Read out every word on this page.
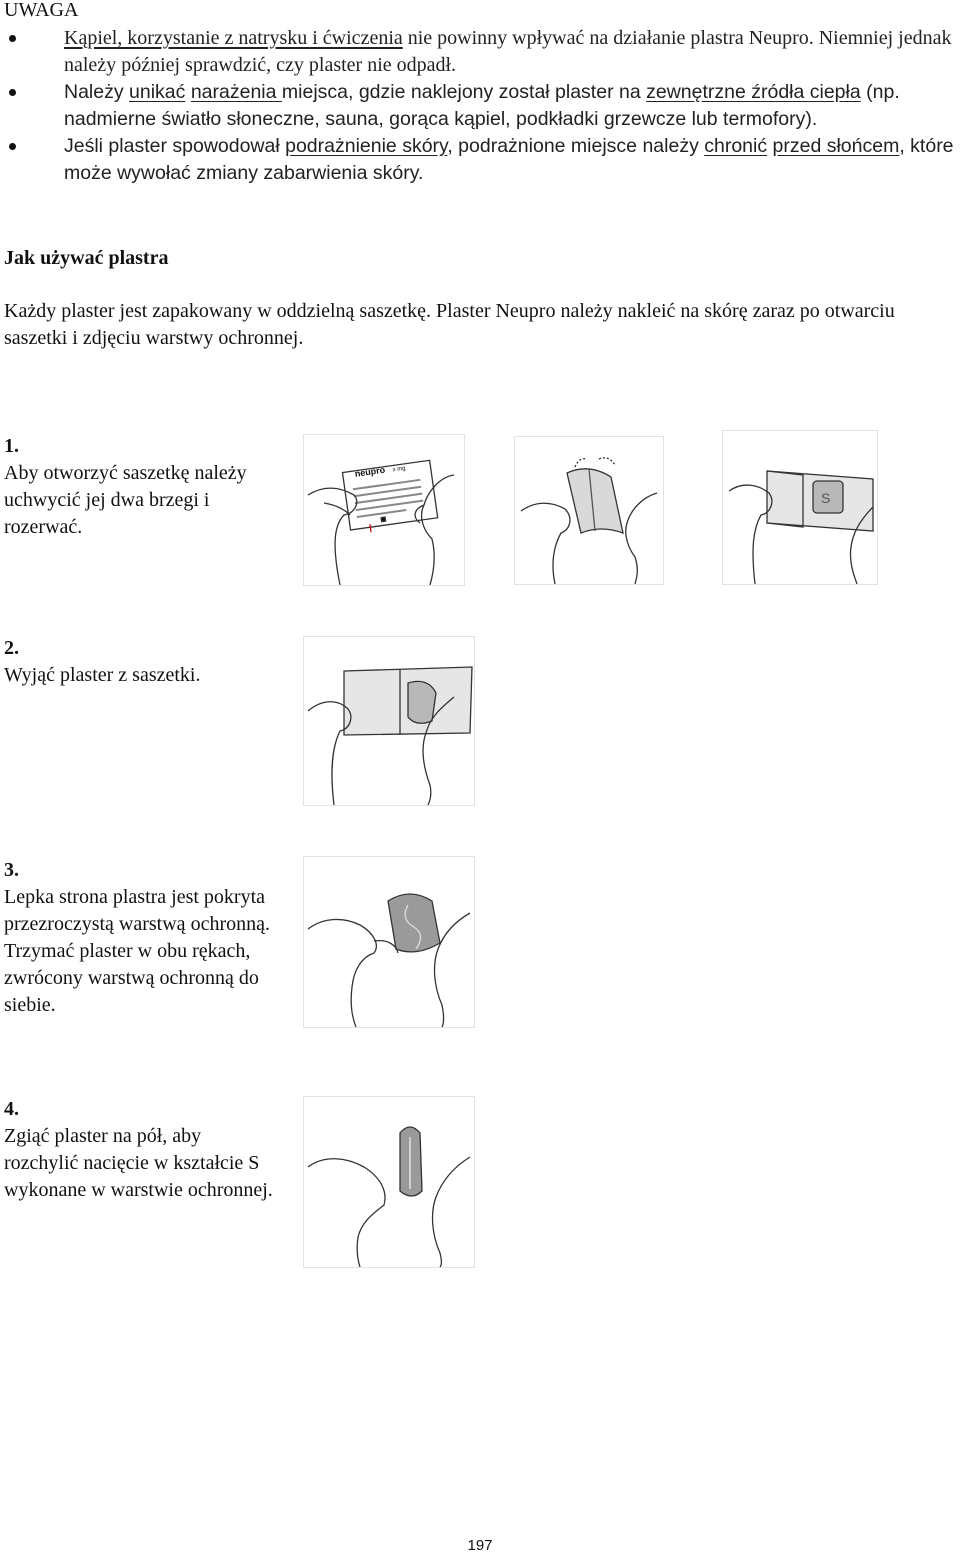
UWAGA
Kąpiel, korzystanie z natrysku i ćwiczenia nie powinny wpływać na działanie plastra Neupro. Niemniej jednak należy później sprawdzić, czy plaster nie odpadł.
Należy unikać narażenia miejsca, gdzie naklejony został plaster na zewnętrzne źródła ciepła (np. nadmierne światło słoneczne, sauna, gorąca kąpiel, podkładki grzewcze lub termofory).
Jeśli plaster spowodował podrażnienie skóry, podrażnione miejsce należy chronić przed słońcem, które może wywołać zmiany zabarwienia skóry.
Jak używać plastra
Każdy plaster jest zapakowany w oddzielną saszetkę. Plaster Neupro należy nakleić na skórę zaraz po otwarciu saszetki i zdjęciu warstwy ochronnej.
1.
Aby otworzyć saszetkę należy uchwycić jej dwa brzegi i rozerwać.
neupro x mg
S
2.
Wyjąć plaster z saszetki.
3.
Lepka strona plastra jest pokryta przezroczystą warstwą ochronną. Trzymać plaster w obu rękach, zwrócony warstwą ochronną do siebie.
4.
Zgiąć plaster na pół, aby rozchylić nacięcie w kształcie S wykonane w warstwie ochronnej.
197
